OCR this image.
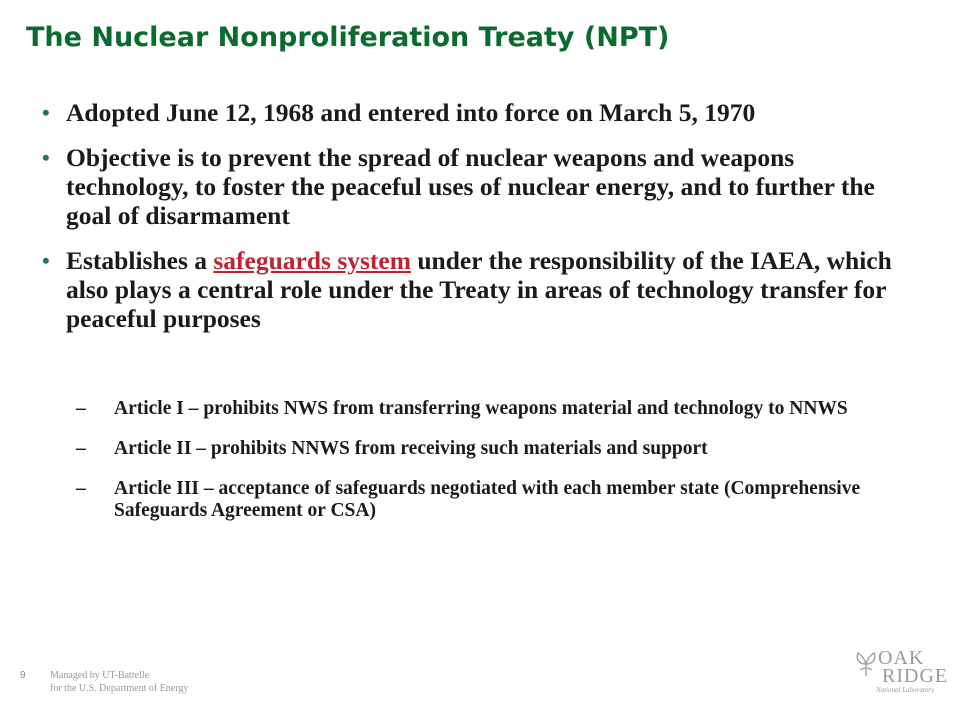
The Nuclear Nonproliferation Treaty (NPT)
• Adopted June 12, 1968 and entered into force on March 5, 1970
• Objective is to prevent the spread of nuclear weapons and weapons technology, to foster the peaceful uses of nuclear energy, and to further the goal of disarmament
• Establishes a safeguards system under the responsibility of the IAEA, which also plays a central role under the Treaty in areas of technology transfer for peaceful purposes
– Article I – prohibits NWS from transferring weapons material and technology to NNWS
– Article II – prohibits NNWS from receiving such materials and support
– Article III – acceptance of safeguards negotiated with each member state (Comprehensive Safeguards Agreement or CSA)
9 Managed by UT-Battelle
for the U.S. Department of Energy
OAK
RIDGE
National Laboratory
